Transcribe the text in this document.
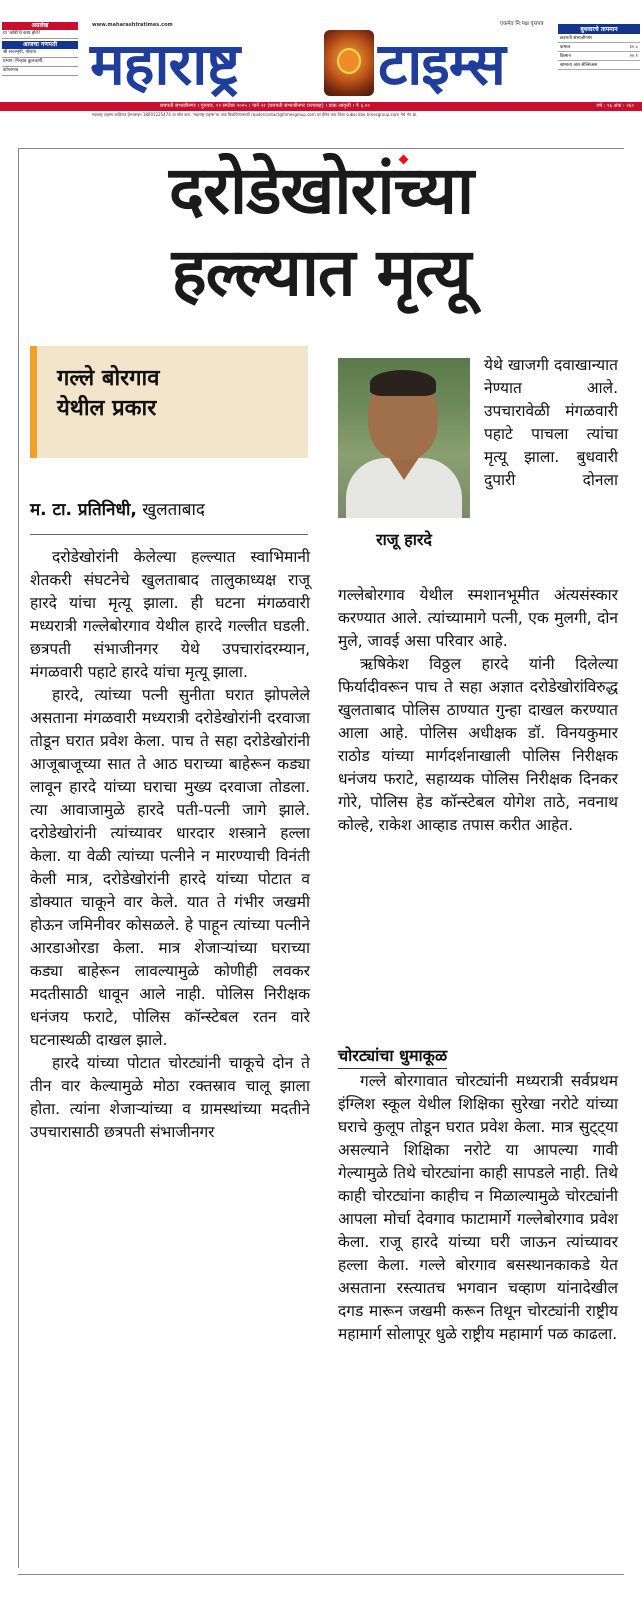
अग्रलेख
या 'कोंडी'चे काय होते?
आजचा गणपती
श्री सप्तशृंगी, गोराया
प्रभाग: गिन्हाड कुलकर्णी,
कोपरगाव
www.maharashtratimes.com	एकमेव नि:पक्ष वृत्तपत्र
महाराष्ट्र टाइम्स
बुधवारचे तापमान
छत्रपती संभाजीनगर
कमाल	३०.८
किमान	२०.१
सामान्य अंश सेल्सिअस
छत्रपती संभाजीनगर । गुरुवार, ११ सप्टेंबर २०२५ । पाने २२ (छत्रपती संभाजीनगर राज्यसह) । डाक आवृत्ती । ₹ ६.००	वर्ष : १६ अंक : २६०
महाराष्ट्र टाइम्स जाहिरात हेल्पलाइन 18001225474 चा स्रोत करा. 'महाराष्ट्र टाइम्स'चा अंक मिळविण्यासाठी readercontact@timesgroup.com वर ईमेल करा किंवा subscribe.timesgroup.com येथे भेट द्या.
दरोडेखोरांच्या
हल्ल्यात मृत्यू
गल्ले बोरगाव
येथील प्रकार
म. टा. प्रतिनिधी, खुलताबाद

दरोडेखोरांनी केलेल्या हल्ल्यात स्वाभिमानी शेतकरी संघटनेचे खुलताबाद तालुकाध्यक्ष राजू हारदे यांचा मृत्यू झाला. ही घटना मंगळवारी मध्यरात्री गल्लेबोरगाव येथील हारदे गल्लीत घडली. छत्रपती संभाजीनगर येथे उपचारांदरम्यान, मंगळवारी पहाटे हारदे यांचा मृत्यू झाला.

हारदे, त्यांच्या पत्नी सुनीता घरात झोपलेले असताना मंगळवारी मध्यरात्री दरोडेखोरांनी दरवाजा तोडून घरात प्रवेश केला. पाच ते सहा दरोडेखोरांनी आजूबाजूच्या सात ते आठ घराच्या बाहेरून कड्या लावून हारदे यांच्या घराचा मुख्य दरवाजा तोडला. त्या आवाजामुळे हारदे पती-पत्नी जागे झाले. दरोडेखोरांनी त्यांच्यावर धारदार शस्त्राने हल्ला केला. या वेळी त्यांच्या पत्नीने न मारण्याची विनंती केली मात्र, दरोडेखोरांनी हारदे यांच्या पोटात व डोक्यात चाकूने वार केले. यात ते गंभीर जखमी होऊन जमिनीवर कोसळले. हे पाहून त्यांच्या पत्नीने आरडाओरडा केला. मात्र शेजाऱ्यांच्या घराच्या कड्या बाहेरून लावल्यामुळे कोणीही लवकर मदतीसाठी धावून आले नाही. पोलिस निरीक्षक धनंजय फराटे, पोलिस कॉन्स्टेबल रतन वारे घटनास्थळी दाखल झाले.

हारदे यांच्या पोटात चोरट्यांनी चाकूचे दोन ते तीन वार केल्यामुळे मोठा रक्तस्राव चालू झाला होता. त्यांना शेजाऱ्यांच्या व ग्रामस्थांच्या मदतीने उपचारासाठी छत्रपती संभाजीनगर

राजू हारदे
येथे खाजगी दवाखान्यात नेण्यात आले. उपचारावेळी मंगळवारी पहाटे पाचला त्यांचा मृत्यू झाला. बुधवारी दुपारी दोनला
गल्लेबोरगाव येथील स्मशानभूमीत अंत्यसंस्कार करण्यात आले. त्यांच्यामागे पत्नी, एक मुलगी, दोन मुले, जावई असा परिवार आहे.

ऋषिकेश विठ्ठल हारदे यांनी दिलेल्या फिर्यादीवरून पाच ते सहा अज्ञात दरोडेखोरांविरुद्ध खुलताबाद पोलिस ठाण्यात गुन्हा दाखल करण्यात आला आहे. पोलिस अधीक्षक डॉ. विनयकुमार राठोड यांच्या मार्गदर्शनाखाली पोलिस निरीक्षक धनंजय फराटे, सहाय्यक पोलिस निरीक्षक दिनकर गोरे, पोलिस हेड कॉन्स्टेबल योगेश ताठे, नवनाथ कोल्हे, राकेश आव्हाड तपास करीत आहेत.

चोरट्यांचा धुमाकूळ

गल्ले बोरगावात चोरट्यांनी मध्यरात्री सर्वप्रथम इंग्लिश स्कूल येथील शिक्षिका सुरेखा नरोटे यांच्या घराचे कुलूप तोडून घरात प्रवेश केला. मात्र सुट्ट्या असल्याने शिक्षिका नरोटे या आपल्या गावी गेल्यामुळे तिथे चोरट्यांना काही सापडले नाही. तिथे काही चोरट्यांना काहीच न मिळाल्यामुळे चोरट्यांनी आपला मोर्चा देवगाव फाटामार्गे गल्लेबोरगाव प्रवेश केला. राजू हारदे यांच्या घरी जाऊन त्यांच्यावर हल्ला केला. गल्ले बोरगाव बसस्थानकाकडे येत असताना रस्त्यातच भगवान चव्हाण यांनादेखील दगड मारून जखमी करून तिथून चोरट्यांनी राष्ट्रीय महामार्ग सोलापूर धुळे राष्ट्रीय महामार्ग पळ काढला.
